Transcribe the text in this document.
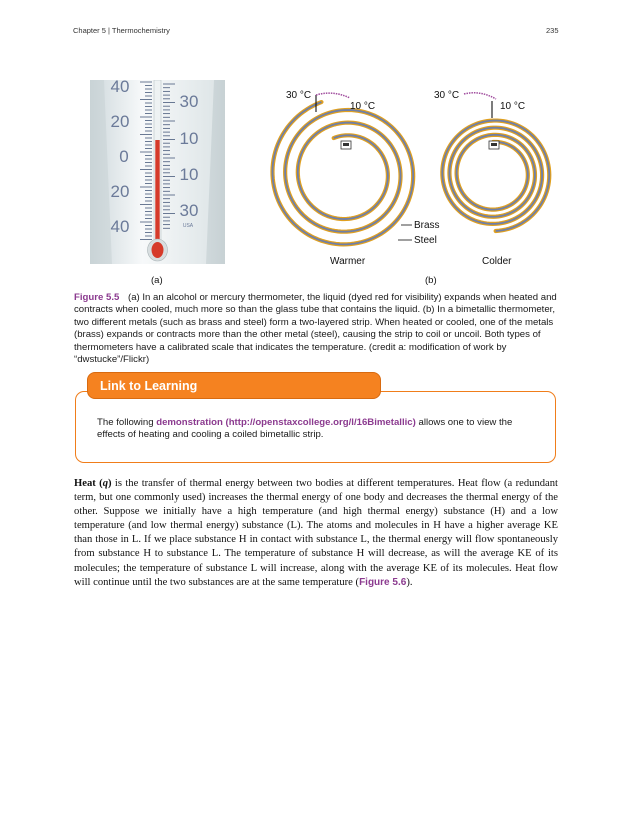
Chapter 5 | Thermochemistry	235
40
20
0
20
40
30
10
10
30
USA
30 °C
10 °C
Brass
Steel
Warmer
30 °C
10 °C
Colder
(a)	(b)
Figure 5.5 (a) In an alcohol or mercury thermometer, the liquid (dyed red for visibility) expands when heated and contracts when cooled, much more so than the glass tube that contains the liquid. (b) In a bimetallic thermometer, two different metals (such as brass and steel) form a two-layered strip. When heated or cooled, one of the metals (brass) expands or contracts more than the other metal (steel), causing the strip to coil or uncoil. Both types of thermometers have a calibrated scale that indicates the temperature. (credit a: modification of work by “dwstucke”/Flickr)
Link to Learning
The following demonstration (http://openstaxcollege.org/l/16Bimetallic) allows one to view the effects of heating and cooling a coiled bimetallic strip.
Heat (q) is the transfer of thermal energy between two bodies at different temperatures. Heat flow (a redundant term, but one commonly used) increases the thermal energy of one body and decreases the thermal energy of the other. Suppose we initially have a high temperature (and high thermal energy) substance (H) and a low temperature (and low thermal energy) substance (L). The atoms and molecules in H have a higher average KE than those in L. If we place substance H in contact with substance L, the thermal energy will flow spontaneously from substance H to substance L. The temperature of substance H will decrease, as will the average KE of its molecules; the temperature of substance L will increase, along with the average KE of its molecules. Heat flow will continue until the two substances are at the same temperature (Figure 5.6).
